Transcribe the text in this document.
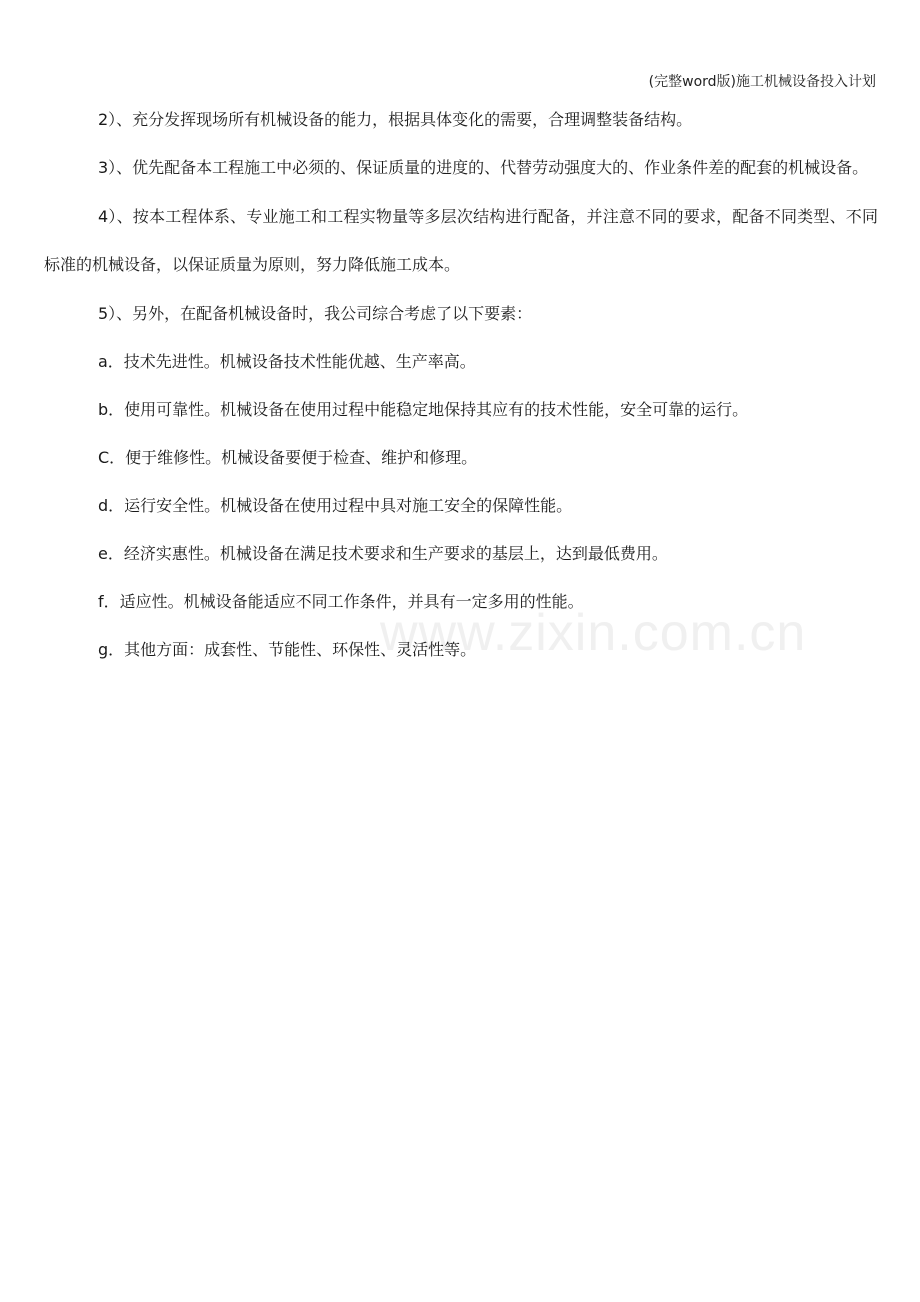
(完整word版)施工机械设备投入计划
www.zixin.com.cn

2）、充分发挥现场所有机械设备的能力，根据具体变化的需要，合理调整装备结构。

3）、优先配备本工程施工中必须的、保证质量的进度的、代替劳动强度大的、作业条件差的配套的机械设备。

4）、按本工程体系、专业施工和工程实物量等多层次结构进行配备，并注意不同的要求，配备不同类型、不同标准的机械设备，以保证质量为原则，努力降低施工成本。

5）、另外，在配备机械设备时，我公司综合考虑了以下要素：

a．技术先进性。机械设备技术性能优越、生产率高。

b．使用可靠性。机械设备在使用过程中能稳定地保持其应有的技术性能，安全可靠的运行。

C．便于维修性。机械设备要便于检查、维护和修理。

d．运行安全性。机械设备在使用过程中具对施工安全的保障性能。

e．经济实惠性。机械设备在满足技术要求和生产要求的基层上，达到最低费用。

f．适应性。机械设备能适应不同工作条件，并具有一定多用的性能。

g．其他方面：成套性、节能性、环保性、灵活性等。
